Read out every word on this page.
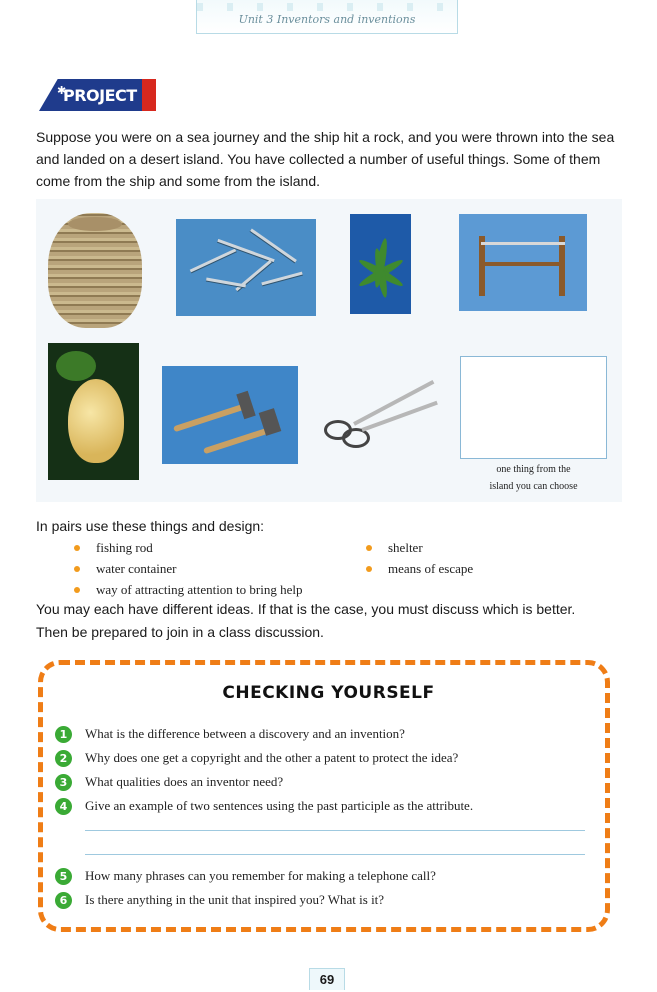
Unit 3 Inventors and inventions
✱
PROJECT
Suppose you were on a sea journey and the ship hit a rock, and you were thrown into the sea and landed on a desert island. You have collected a number of useful things. Some of them come from the ship and some from the island.
one thing from the
island you can choose
In pairs use these things and design:
fishing rod
water container
way of attracting attention to bring help
shelter
means of escape
You may each have different ideas. If that is the case, you must discuss which is better.
Then be prepared to join in a class discussion.
CHECKING YOURSELF
1	What is the difference between a discovery and an invention?
2	Why does one get a copyright and the other a patent to protect the idea?
3	What qualities does an inventor need?
4	Give an example of two sentences using the past participle as the attribute.
5	How many phrases can you remember for making a telephone call?
6	Is there anything in the unit that inspired you? What is it?
69
